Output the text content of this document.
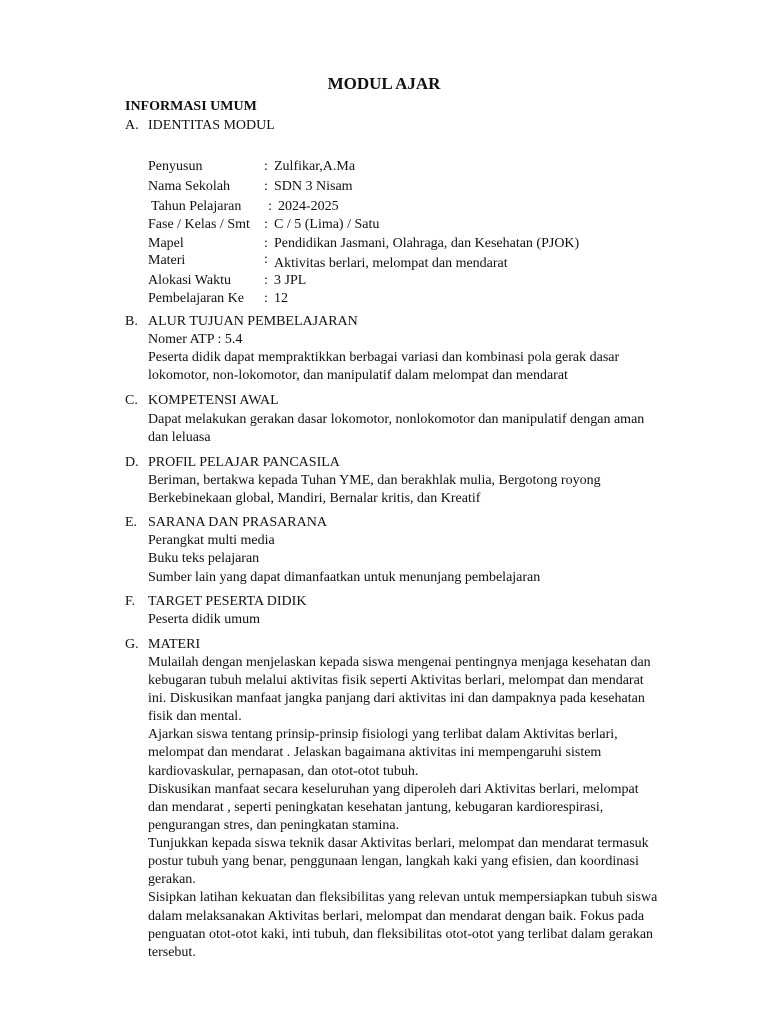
MODUL AJAR
INFORMASI UMUM
A. IDENTITAS MODUL
Penyusun	: Zulfikar,A.Ma
Nama Sekolah : SDN 3 Nisam
Tahun Pelajaran : 2024-2025
Fase / Kelas / Smt : C / 5 (Lima) / Satu
Mapel	: Pendidikan Jasmani, Olahraga, dan Kesehatan (PJOK)
Materi	: Aktivitas berlari, melompat dan mendarat
Alokasi Waktu : 3 JPL
Pembelajaran Ke : 12
B. ALUR TUJUAN PEMBELAJARAN
Nomer ATP : 5.4
Peserta didik dapat mempraktikkan berbagai variasi dan kombinasi pola gerak dasar
lokomotor, non-lokomotor, dan manipulatif dalam melompat dan mendarat
C. KOMPETENSI AWAL
Dapat melakukan gerakan dasar lokomotor, nonlokomotor dan manipulatif dengan aman
dan leluasa
D. PROFIL PELAJAR PANCASILA
Beriman, bertakwa kepada Tuhan YME, dan berakhlak mulia, Bergotong royong
Berkebinekaan global, Mandiri, Bernalar kritis, dan Kreatif
E. SARANA DAN PRASARANA
Perangkat multi media
Buku teks pelajaran
Sumber lain yang dapat dimanfaatkan untuk menunjang pembelajaran
F. TARGET PESERTA DIDIK
Peserta didik umum
G. MATERI
Mulailah dengan menjelaskan kepada siswa mengenai pentingnya menjaga kesehatan dan
kebugaran tubuh melalui aktivitas fisik seperti Aktivitas berlari, melompat dan mendarat
ini. Diskusikan manfaat jangka panjang dari aktivitas ini dan dampaknya pada kesehatan
fisik dan mental.
Ajarkan siswa tentang prinsip-prinsip fisiologi yang terlibat dalam Aktivitas berlari,
melompat dan mendarat . Jelaskan bagaimana aktivitas ini mempengaruhi sistem
kardiovaskular, pernapasan, dan otot-otot tubuh.
Diskusikan manfaat secara keseluruhan yang diperoleh dari Aktivitas berlari, melompat
dan mendarat , seperti peningkatan kesehatan jantung, kebugaran kardiorespirasi,
pengurangan stres, dan peningkatan stamina.
Tunjukkan kepada siswa teknik dasar Aktivitas berlari, melompat dan mendarat termasuk
postur tubuh yang benar, penggunaan lengan, langkah kaki yang efisien, dan koordinasi
gerakan.
Sisipkan latihan kekuatan dan fleksibilitas yang relevan untuk mempersiapkan tubuh siswa
dalam melaksanakan Aktivitas berlari, melompat dan mendarat dengan baik. Fokus pada
penguatan otot-otot kaki, inti tubuh, dan fleksibilitas otot-otot yang terlibat dalam gerakan
tersebut.
